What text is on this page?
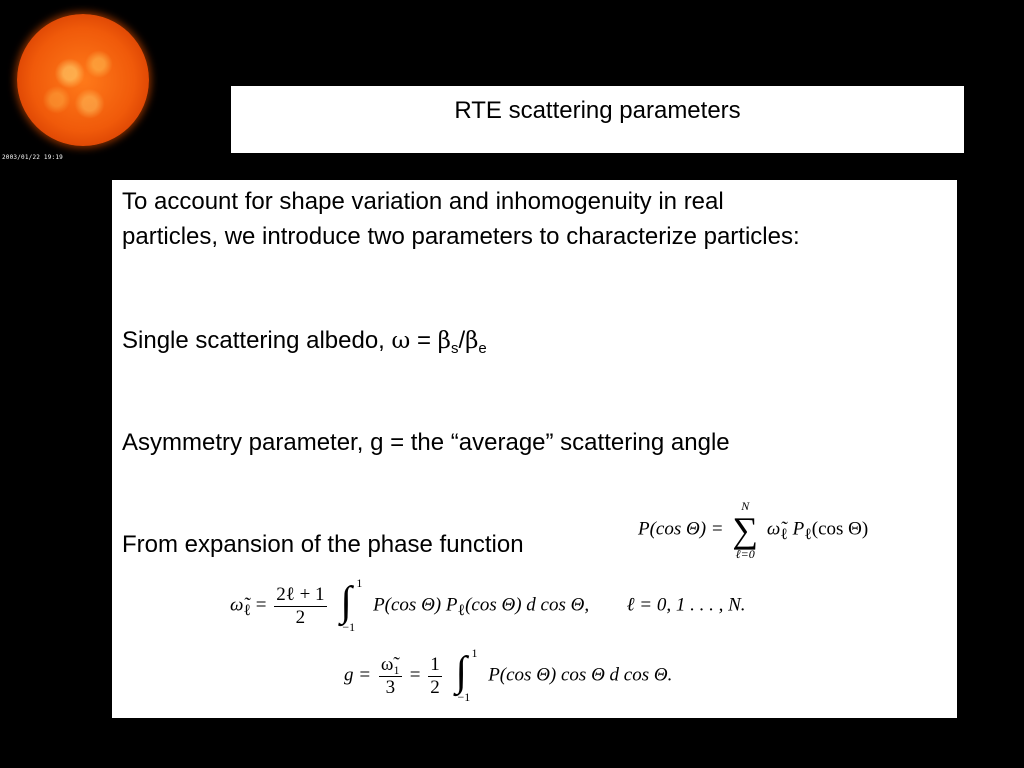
2003/01/22 19:19
RTE scattering parameters
To account for shape variation and inhomogenuity in real
particles, we introduce two parameters to characterize particles:
Single scattering albedo, $\omega = \beta_s/\beta_e$
Asymmetry parameter, g = the “average” scattering angle
From expansion of the phase function
P(cos Θ) =
N
∑
ℓ=0
$\omegã_\ell$ $P_\ell(\cos$ Θ)
$\omegã_\ell = \frac{\text{2ℓ + 1}}{2}$
∫ 1
−1
P(cos Θ) $P_\ell(\cos$ Θ) d cos Θ, ℓ = 0, 1 . . . , N.
$g = \frac{\text{ω̃₁}}{3} = \frac{1}{2}$
∫ 1
−1
P(cos Θ) cos Θ d cos Θ.
